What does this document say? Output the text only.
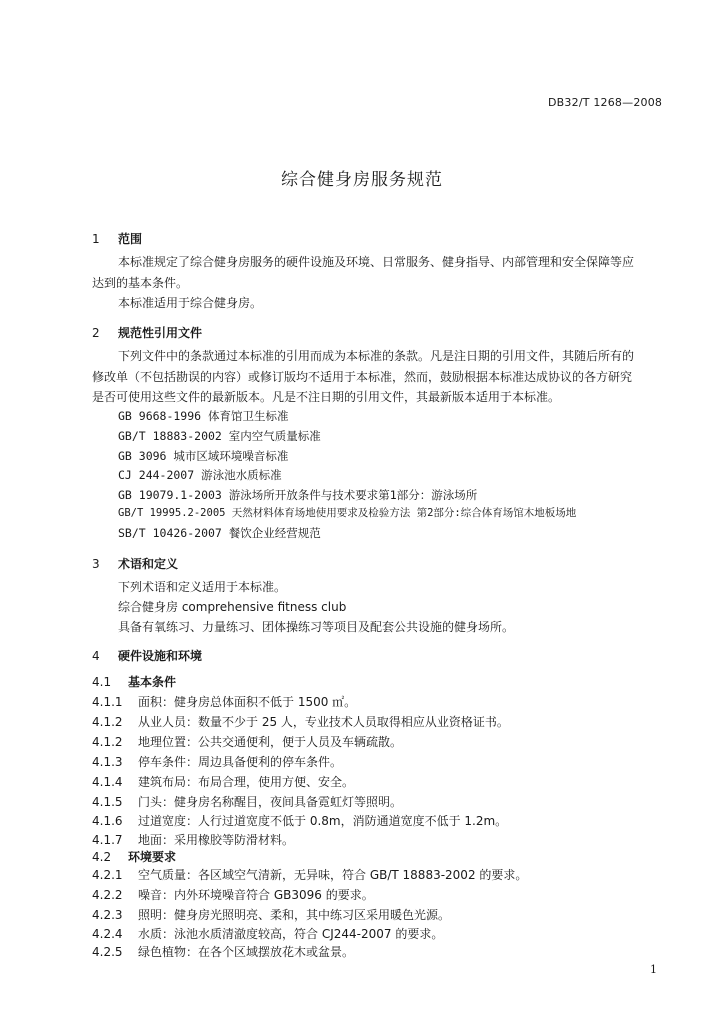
DB32/T 1268—2008
综合健身房服务规范
1 范围
本标准规定了综合健身房服务的硬件设施及环境、日常服务、健身指导、内部管理和安全保障等应
达到的基本条件。
本标准适用于综合健身房。
2 规范性引用文件
下列文件中的条款通过本标准的引用而成为本标准的条款。凡是注日期的引用文件，其随后所有的
修改单（不包括勘误的内容）或修订版均不适用于本标准，然而，鼓励根据本标准达成协议的各方研究
是否可使用这些文件的最新版本。凡是不注日期的引用文件，其最新版本适用于本标准。
GB 9668-1996 体育馆卫生标准
GB/T 18883-2002 室内空气质量标准
GB 3096 城市区域环境噪音标准
CJ 244-2007 游泳池水质标准
GB 19079.1-2003 游泳场所开放条件与技术要求第1部分：游泳场所
GB/T 19995.2-2005 天然材料体育场地使用要求及检验方法 第2部分:综合体育场馆木地板场地
SB/T 10426-2007 餐饮企业经营规范
3 术语和定义
下列术语和定义适用于本标准。
综合健身房 comprehensive fitness club
具备有氧练习、力量练习、团体操练习等项目及配套公共设施的健身场所。
4 硬件设施和环境
4.1 基本条件
4.1.1 面积：健身房总体面积不低于 1500 ㎡。
4.1.2 从业人员：数量不少于 25 人，专业技术人员取得相应从业资格证书。
4.1.2 地理位置：公共交通便利，便于人员及车辆疏散。
4.1.3 停车条件：周边具备便利的停车条件。
4.1.4 建筑布局：布局合理，使用方便、安全。
4.1.5 门头：健身房名称醒目，夜间具备霓虹灯等照明。
4.1.6 过道宽度：人行过道宽度不低于 0.8m，消防通道宽度不低于 1.2m。
4.1.7 地面：采用橡胶等防滑材料。
4.2 环境要求
4.2.1 空气质量：各区域空气清新，无异味，符合 GB/T 18883-2002 的要求。
4.2.2 噪音：内外环境噪音符合 GB3096 的要求。
4.2.3 照明：健身房光照明亮、柔和，其中练习区采用暖色光源。
4.2.4 水质：泳池水质清澈度较高，符合 CJ244-2007 的要求。
4.2.5 绿色植物：在各个区域摆放花木或盆景。
1
